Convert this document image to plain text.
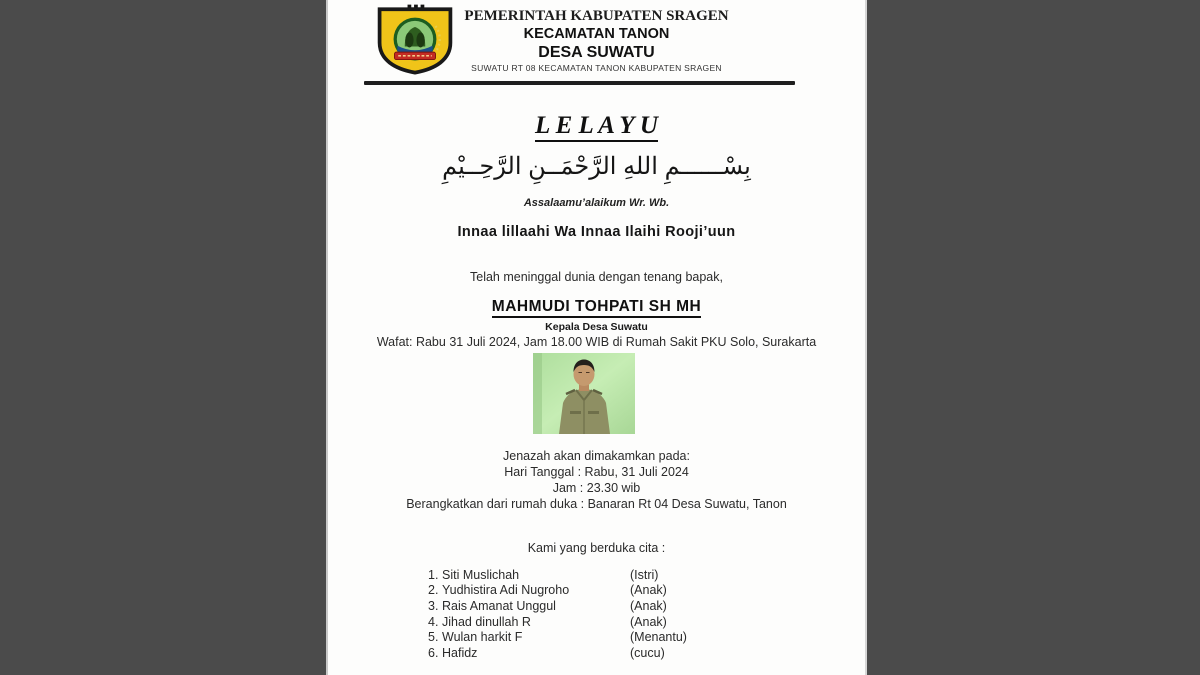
PEMERINTAH KABUPATEN SRAGEN
KECAMATAN TANON
DESA SUWATU
SUWATU RT 08 KECAMATAN TANON KABUPATEN SRAGEN
L E L A Y U
بِسْــــــمِ اللهِ الرَّحْمَــنِ الرَّحِــيْمِ
Assalaamu’alaikum Wr. Wb.
Innaa lillaahi Wa Innaa Ilaihi Rooji’uun
Telah meninggal dunia dengan tenang bapak,
MAHMUDI TOHPATI SH MH
Kepala Desa Suwatu
Wafat: Rabu 31 Juli 2024, Jam 18.00 WIB di Rumah Sakit PKU Solo, Surakarta
Jenazah akan dimakamkan pada:
Hari Tanggal : Rabu, 31 Juli 2024
Jam : 23.30 wib
Berangkatkan dari rumah duka : Banaran Rt 04 Desa Suwatu, Tanon
Kami yang berduka cita :
1. Siti Muslichah	(Istri)
2. Yudhistira Adi Nugroho	(Anak)
3. Rais Amanat Unggul	(Anak)
4. Jihad dinullah R	(Anak)
5. Wulan harkit F	(Menantu)
6. Hafidz	(cucu)
